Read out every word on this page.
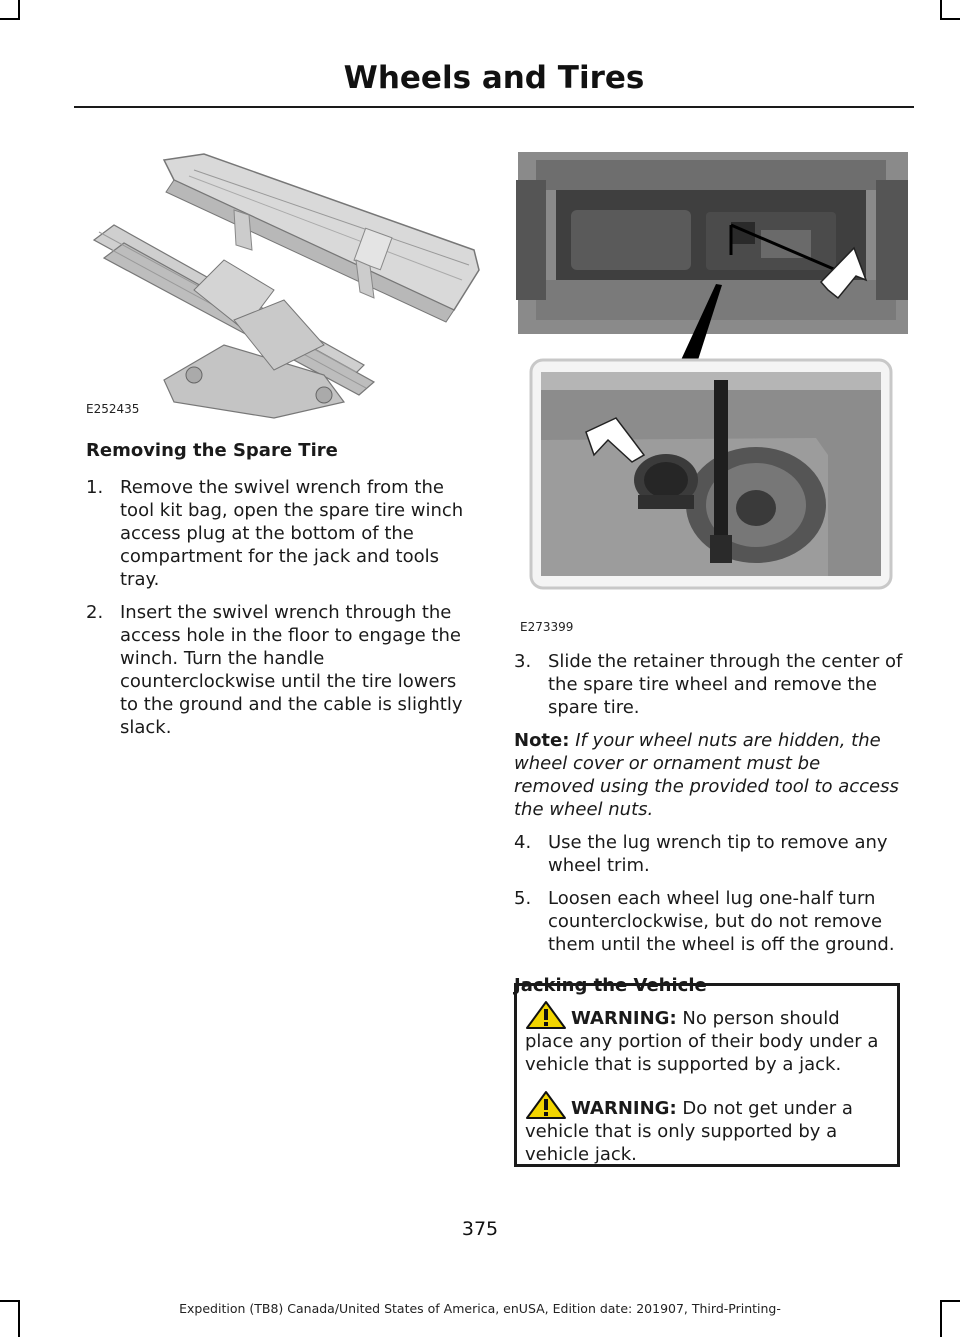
Wheels and Tires
E252435
E273399
Removing the Spare Tire

1. Remove the swivel wrench from the tool kit bag, open the spare tire winch access plug at the bottom of the compartment for the jack and tools tray.

2. Insert the swivel wrench through the access hole in the floor to engage the winch. Turn the handle counterclockwise until the tire lowers to the ground and the cable is slightly slack.

3. Slide the retainer through the center of the spare tire wheel and remove the spare tire.

Note: If your wheel nuts are hidden, the wheel cover or ornament must be removed using the provided tool to access the wheel nuts.

4. Use the lug wrench tip to remove any wheel trim.

5. Loosen each wheel lug one-half turn counterclockwise, but do not remove them until the wheel is off the ground.

Jacking the Vehicle

WARNING: No person should place any portion of their body under a vehicle that is supported by a jack.

WARNING: Do not get under a vehicle that is only supported by a vehicle jack.

375
Expedition (TB8) Canada/United States of America, enUSA, Edition date: 201907, Third-Printing-
